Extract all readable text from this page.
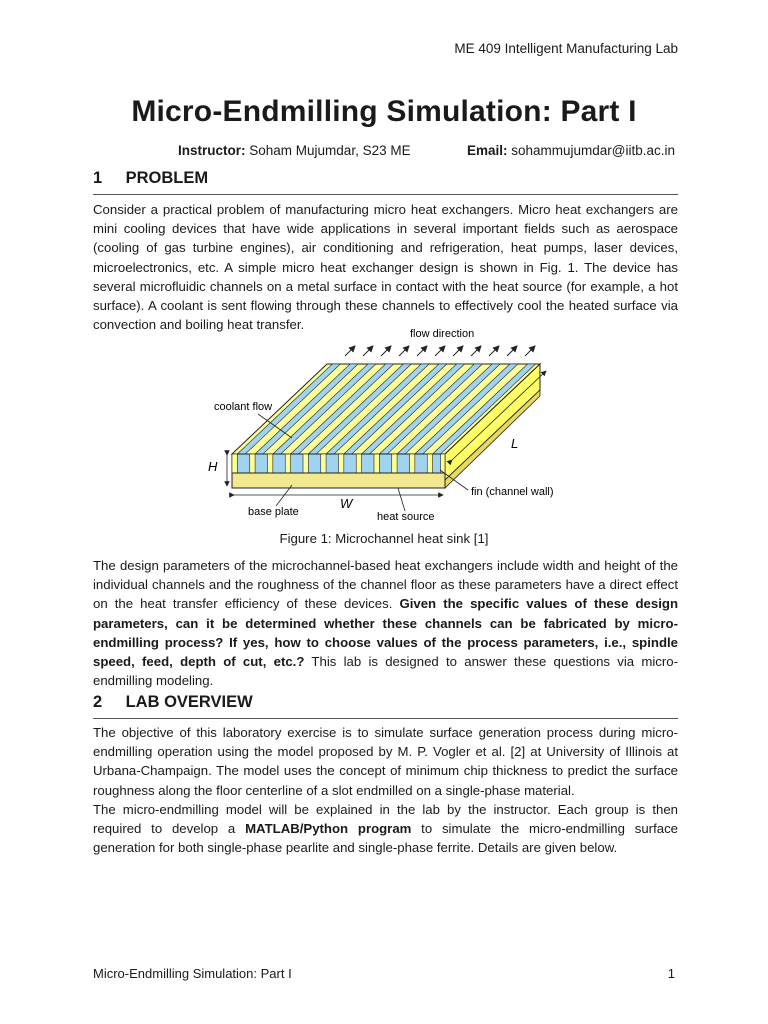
ME 409 Intelligent Manufacturing Lab
Micro-Endmilling Simulation: Part I
Instructor: Soham Mujumdar, S23 ME	Email: sohammujumdar@iitb.ac.in
1 PROBLEM

Consider a practical problem of manufacturing micro heat exchangers. Micro heat exchangers are mini cooling devices that have wide applications in several important fields such as aerospace (cooling of gas turbine engines), air conditioning and refrigeration, heat pumps, laser devices, microelectronics, etc. A simple micro heat exchanger design is shown in Fig. 1. The device has several microfluidic channels on a metal surface in contact with the heat source (for example, a hot surface). A coolant is sent flowing through these channels to effectively cool the heated surface via convection and boiling heat transfer.

flow direction
coolant flow
H
W
L
fin (channel wall)
base plate	heat source
Figure 1: Microchannel heat sink [1]

The design parameters of the microchannel-based heat exchangers include width and height of the individual channels and the roughness of the channel floor as these parameters have a direct effect on the heat transfer efficiency of these devices. Given the specific values of these design parameters, can it be determined whether these channels can be fabricated by micro-endmilling process? If yes, how to choose values of the process parameters, i.e., spindle speed, feed, depth of cut, etc.? This lab is designed to answer these questions via micro-endmilling modeling.

2 LAB OVERVIEW

The objective of this laboratory exercise is to simulate surface generation process during micro-endmilling operation using the model proposed by M. P. Vogler et al. [2] at University of Illinois at Urbana-Champaign. The model uses the concept of minimum chip thickness to predict the surface roughness along the floor centerline of a slot endmilled on a single-phase material.

The micro-endmilling model will be explained in the lab by the instructor. Each group is then required to develop a MATLAB/Python program to simulate the micro-endmilling surface generation for both single-phase pearlite and single-phase ferrite. Details are given below.

Micro-Endmilling Simulation: Part I	1
